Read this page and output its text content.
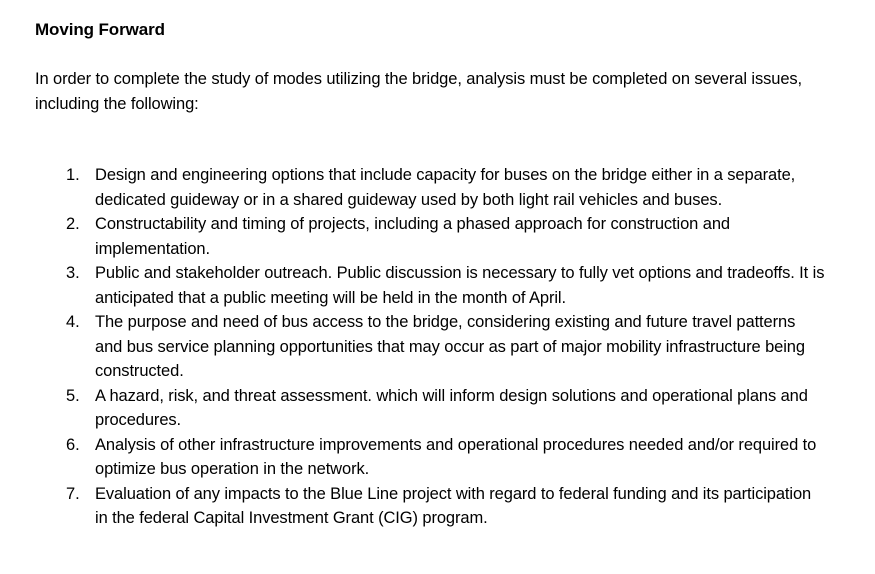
Moving Forward

In order to complete the study of modes utilizing the bridge, analysis must be completed on several issues, including the following:

1. Design and engineering options that include capacity for buses on the bridge either in a separate, dedicated guideway or in a shared guideway used by both light rail vehicles and buses.
2. Constructability and timing of projects, including a phased approach for construction and implementation.
3. Public and stakeholder outreach. Public discussion is necessary to fully vet options and tradeoffs. It is anticipated that a public meeting will be held in the month of April.
4. The purpose and need of bus access to the bridge, considering existing and future travel patterns and bus service planning opportunities that may occur as part of major mobility infrastructure being constructed.
5. A hazard, risk, and threat assessment. which will inform design solutions and operational plans and procedures.
6. Analysis of other infrastructure improvements and operational procedures needed and/or required to optimize bus operation in the network.
7. Evaluation of any impacts to the Blue Line project with regard to federal funding and its participation in the federal Capital Investment Grant (CIG) program.
